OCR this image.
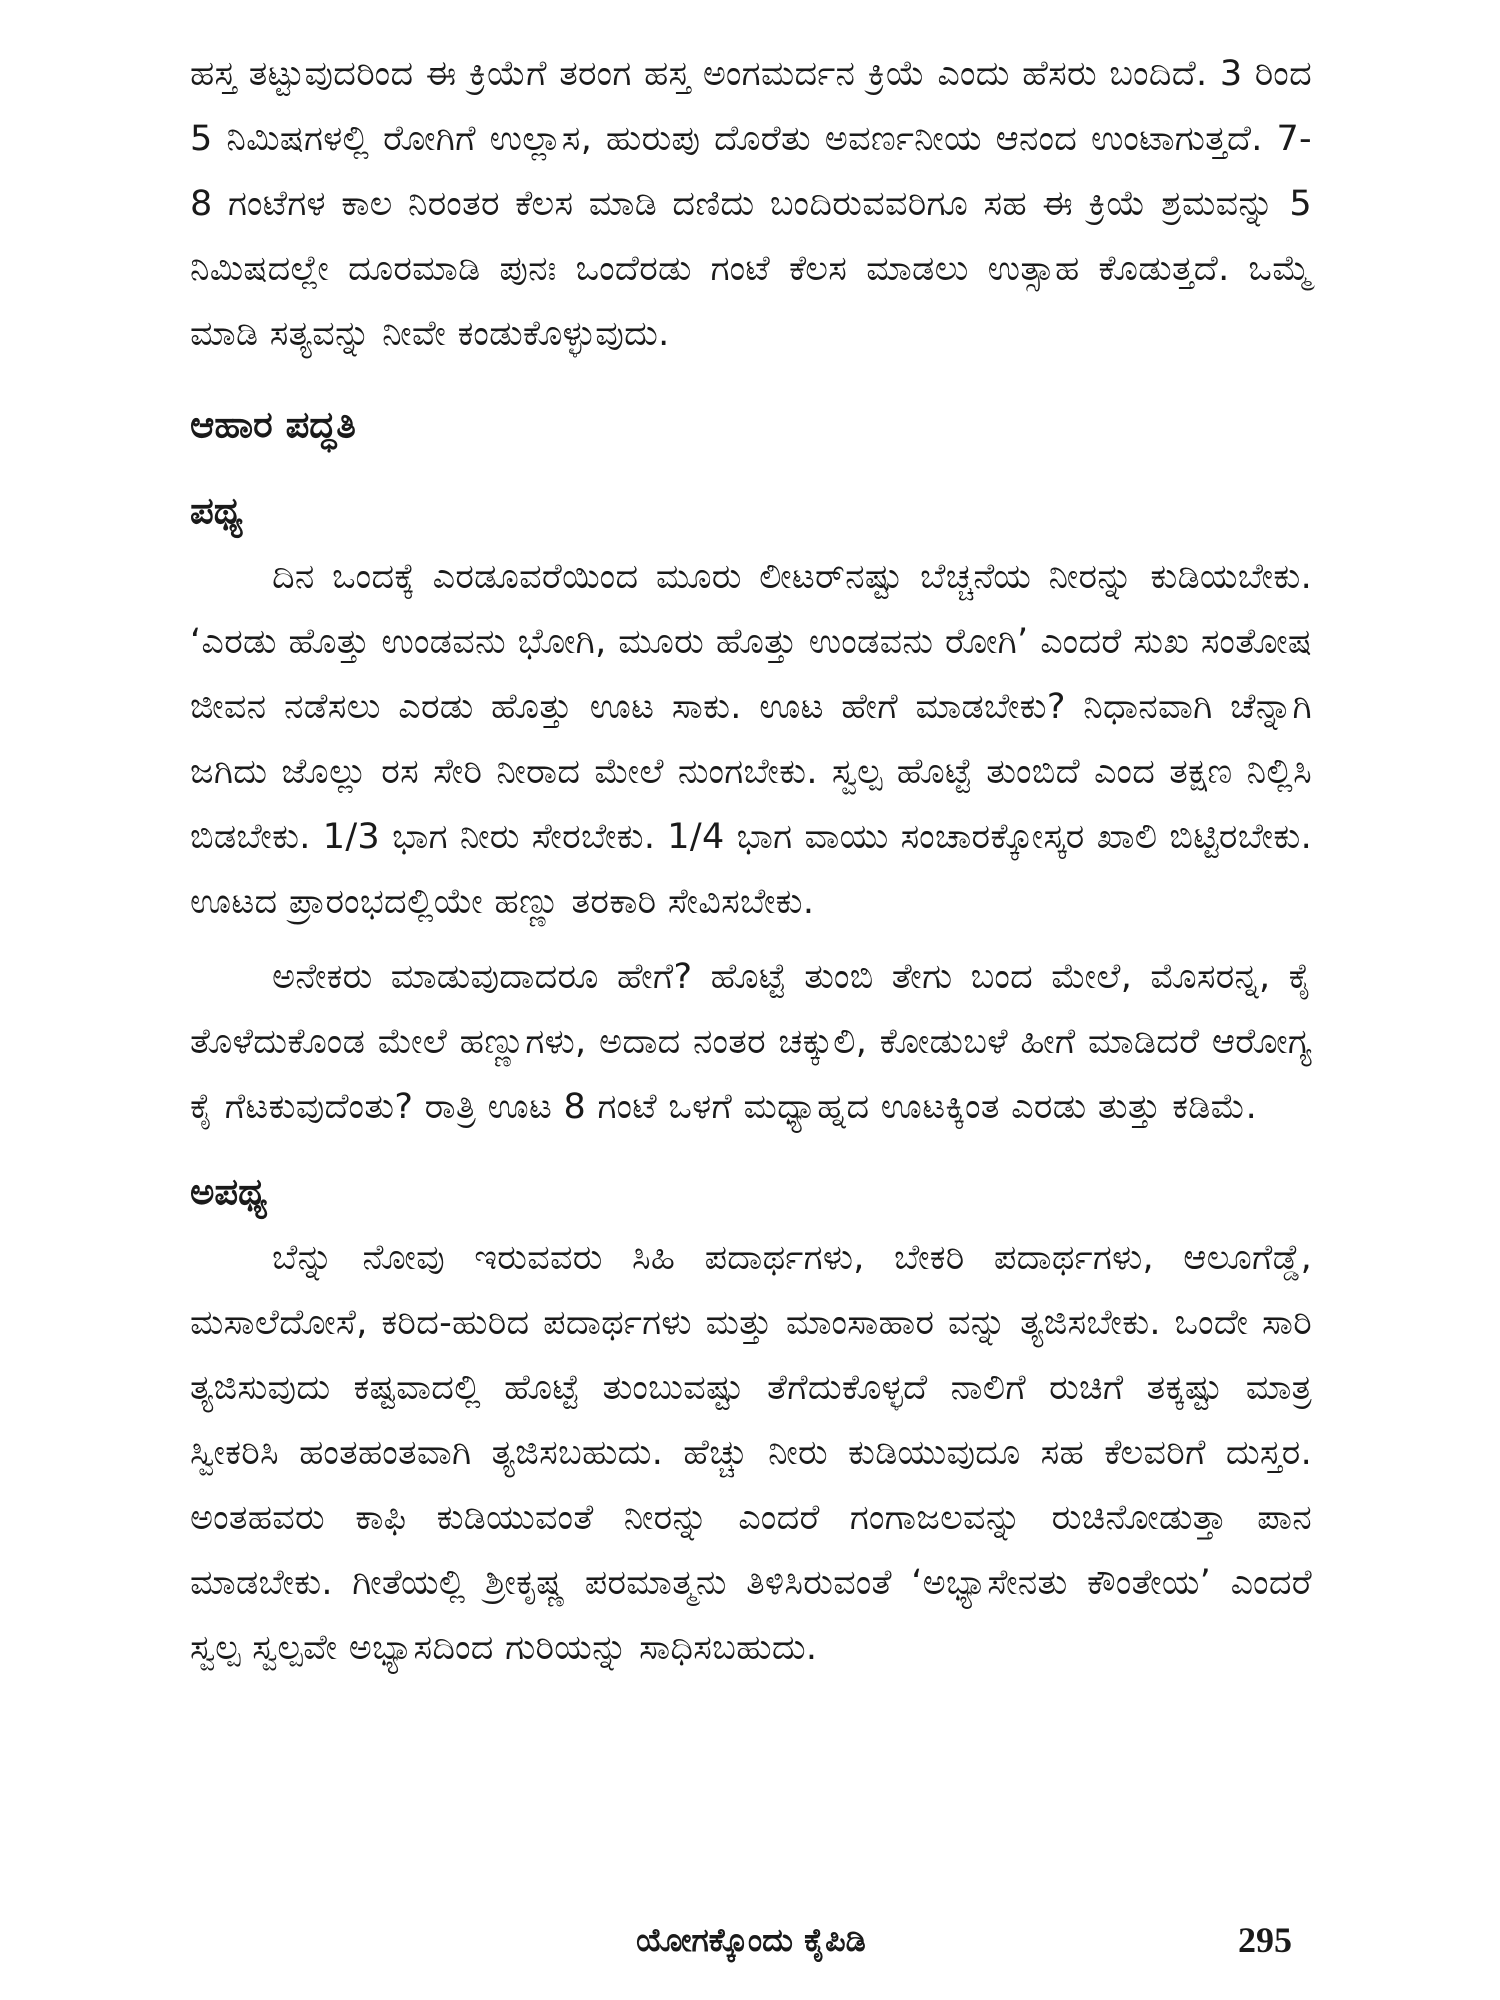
ಹಸ್ತ ತಟ್ಟುವುದರಿಂದ ಈ ಕ್ರಿಯೆಗೆ ತರಂಗ ಹಸ್ತ ಅಂಗಮರ್ದನ ಕ್ರಿಯೆ ಎಂದು ಹೆಸರು ಬಂದಿದೆ. 3 ರಿಂದ 5 ನಿಮಿಷಗಳಲ್ಲಿ ರೋಗಿಗೆ ಉಲ್ಲಾಸ, ಹುರುಪು ದೊರೆತು ಅವರ್ಣನೀಯ ಆನಂದ ಉಂಟಾಗುತ್ತದೆ. 7-8 ಗಂಟೆಗಳ ಕಾಲ ನಿರಂತರ ಕೆಲಸ ಮಾಡಿ ದಣಿದು ಬಂದಿರುವವರಿಗೂ ಸಹ ಈ ಕ್ರಿಯೆ ಶ್ರಮವನ್ನು 5 ನಿಮಿಷದಲ್ಲೇ ದೂರಮಾಡಿ ಪುನಃ ಒಂದೆರಡು ಗಂಟೆ ಕೆಲಸ ಮಾಡಲು ಉತ್ಸಾಹ ಕೊಡುತ್ತದೆ. ಒಮ್ಮೆ ಮಾಡಿ ಸತ್ಯವನ್ನು ನೀವೇ ಕಂಡುಕೊಳ್ಳುವುದು.

ಆಹಾರ ಪದ್ಧತಿ
ಪಥ್ಯ

ದಿನ ಒಂದಕ್ಕೆ ಎರಡೂವರೆಯಿಂದ ಮೂರು ಲೀಟರ್‌ನಷ್ಟು ಬೆಚ್ಚನೆಯ ನೀರನ್ನು ಕುಡಿಯಬೇಕು. ‘ಎರಡು ಹೊತ್ತು ಉಂಡವನು ಭೋಗಿ, ಮೂರು ಹೊತ್ತು ಉಂಡವನು ರೋಗಿ’ ಎಂದರೆ ಸುಖ ಸಂತೋಷ ಜೀವನ ನಡೆಸಲು ಎರಡು ಹೊತ್ತು ಊಟ ಸಾಕು. ಊಟ ಹೇಗೆ ಮಾಡಬೇಕು? ನಿಧಾನವಾಗಿ ಚೆನ್ನಾಗಿ ಜಗಿದು ಜೊಲ್ಲು ರಸ ಸೇರಿ ನೀರಾದ ಮೇಲೆ ನುಂಗಬೇಕು. ಸ್ವಲ್ಪ ಹೊಟ್ಟೆ ತುಂಬಿದೆ ಎಂದ ತಕ್ಷಣ ನಿಲ್ಲಿಸಿ ಬಿಡಬೇಕು. 1/3 ಭಾಗ ನೀರು ಸೇರಬೇಕು. 1/4 ಭಾಗ ವಾಯು ಸಂಚಾರಕ್ಕೋಸ್ಕರ ಖಾಲಿ ಬಿಟ್ಟಿರಬೇಕು. ಊಟದ ಪ್ರಾರಂಭದಲ್ಲಿಯೇ ಹಣ್ಣು ತರಕಾರಿ ಸೇವಿಸಬೇಕು.

ಅನೇಕರು ಮಾಡುವುದಾದರೂ ಹೇಗೆ? ಹೊಟ್ಟೆ ತುಂಬಿ ತೇಗು ಬಂದ ಮೇಲೆ, ಮೊಸರನ್ನ, ಕೈ ತೊಳೆದುಕೊಂಡ ಮೇಲೆ ಹಣ್ಣುಗಳು, ಅದಾದ ನಂತರ ಚಕ್ಕುಲಿ, ಕೋಡುಬಳೆ ಹೀಗೆ ಮಾಡಿದರೆ ಆರೋಗ್ಯ ಕೈ ಗೆಟಕುವುದೆಂತು? ರಾತ್ರಿ ಊಟ 8 ಗಂಟೆ ಒಳಗೆ ಮಧ್ಯಾಹ್ನದ ಊಟಕ್ಕಿಂತ ಎರಡು ತುತ್ತು ಕಡಿಮೆ.

ಅಪಥ್ಯ

ಬೆನ್ನು ನೋವು ಇರುವವರು ಸಿಹಿ ಪದಾರ್ಥಗಳು, ಬೇಕರಿ ಪದಾರ್ಥಗಳು, ಆಲೂಗೆಡ್ಡೆ, ಮಸಾಲೆದೋಸೆ, ಕರಿದ-ಹುರಿದ ಪದಾರ್ಥಗಳು ಮತ್ತು ಮಾಂಸಾಹಾರ ವನ್ನು ತ್ಯಜಿಸಬೇಕು. ಒಂದೇ ಸಾರಿ ತ್ಯಜಿಸುವುದು ಕಷ್ಟವಾದಲ್ಲಿ ಹೊಟ್ಟೆ ತುಂಬುವಷ್ಟು ತೆಗೆದುಕೊಳ್ಳದೆ ನಾಲಿಗೆ ರುಚಿಗೆ ತಕ್ಕಷ್ಟು ಮಾತ್ರ ಸ್ವೀಕರಿಸಿ ಹಂತಹಂತವಾಗಿ ತ್ಯಜಿಸಬಹುದು. ಹೆಚ್ಚು ನೀರು ಕುಡಿಯುವುದೂ ಸಹ ಕೆಲವರಿಗೆ ದುಸ್ತರ. ಅಂತಹವರು ಕಾಫಿ ಕುಡಿಯುವಂತೆ ನೀರನ್ನು ಎಂದರೆ ಗಂಗಾಜಲವನ್ನು ರುಚಿನೋಡುತ್ತಾ ಪಾನ ಮಾಡಬೇಕು. ಗೀತೆಯಲ್ಲಿ ಶ್ರೀಕೃಷ್ಣ ಪರಮಾತ್ಮನು ತಿಳಿಸಿರುವಂತೆ ‘ಅಭ್ಯಾಸೇನತು ಕೌಂತೇಯ’ ಎಂದರೆ ಸ್ವಲ್ಪ ಸ್ವಲ್ಪವೇ ಅಭ್ಯಾಸದಿಂದ ಗುರಿಯನ್ನು ಸಾಧಿಸಬಹುದು.

ಯೋಗಕ್ಕೊಂದು ಕೈಪಿಡಿ	295
